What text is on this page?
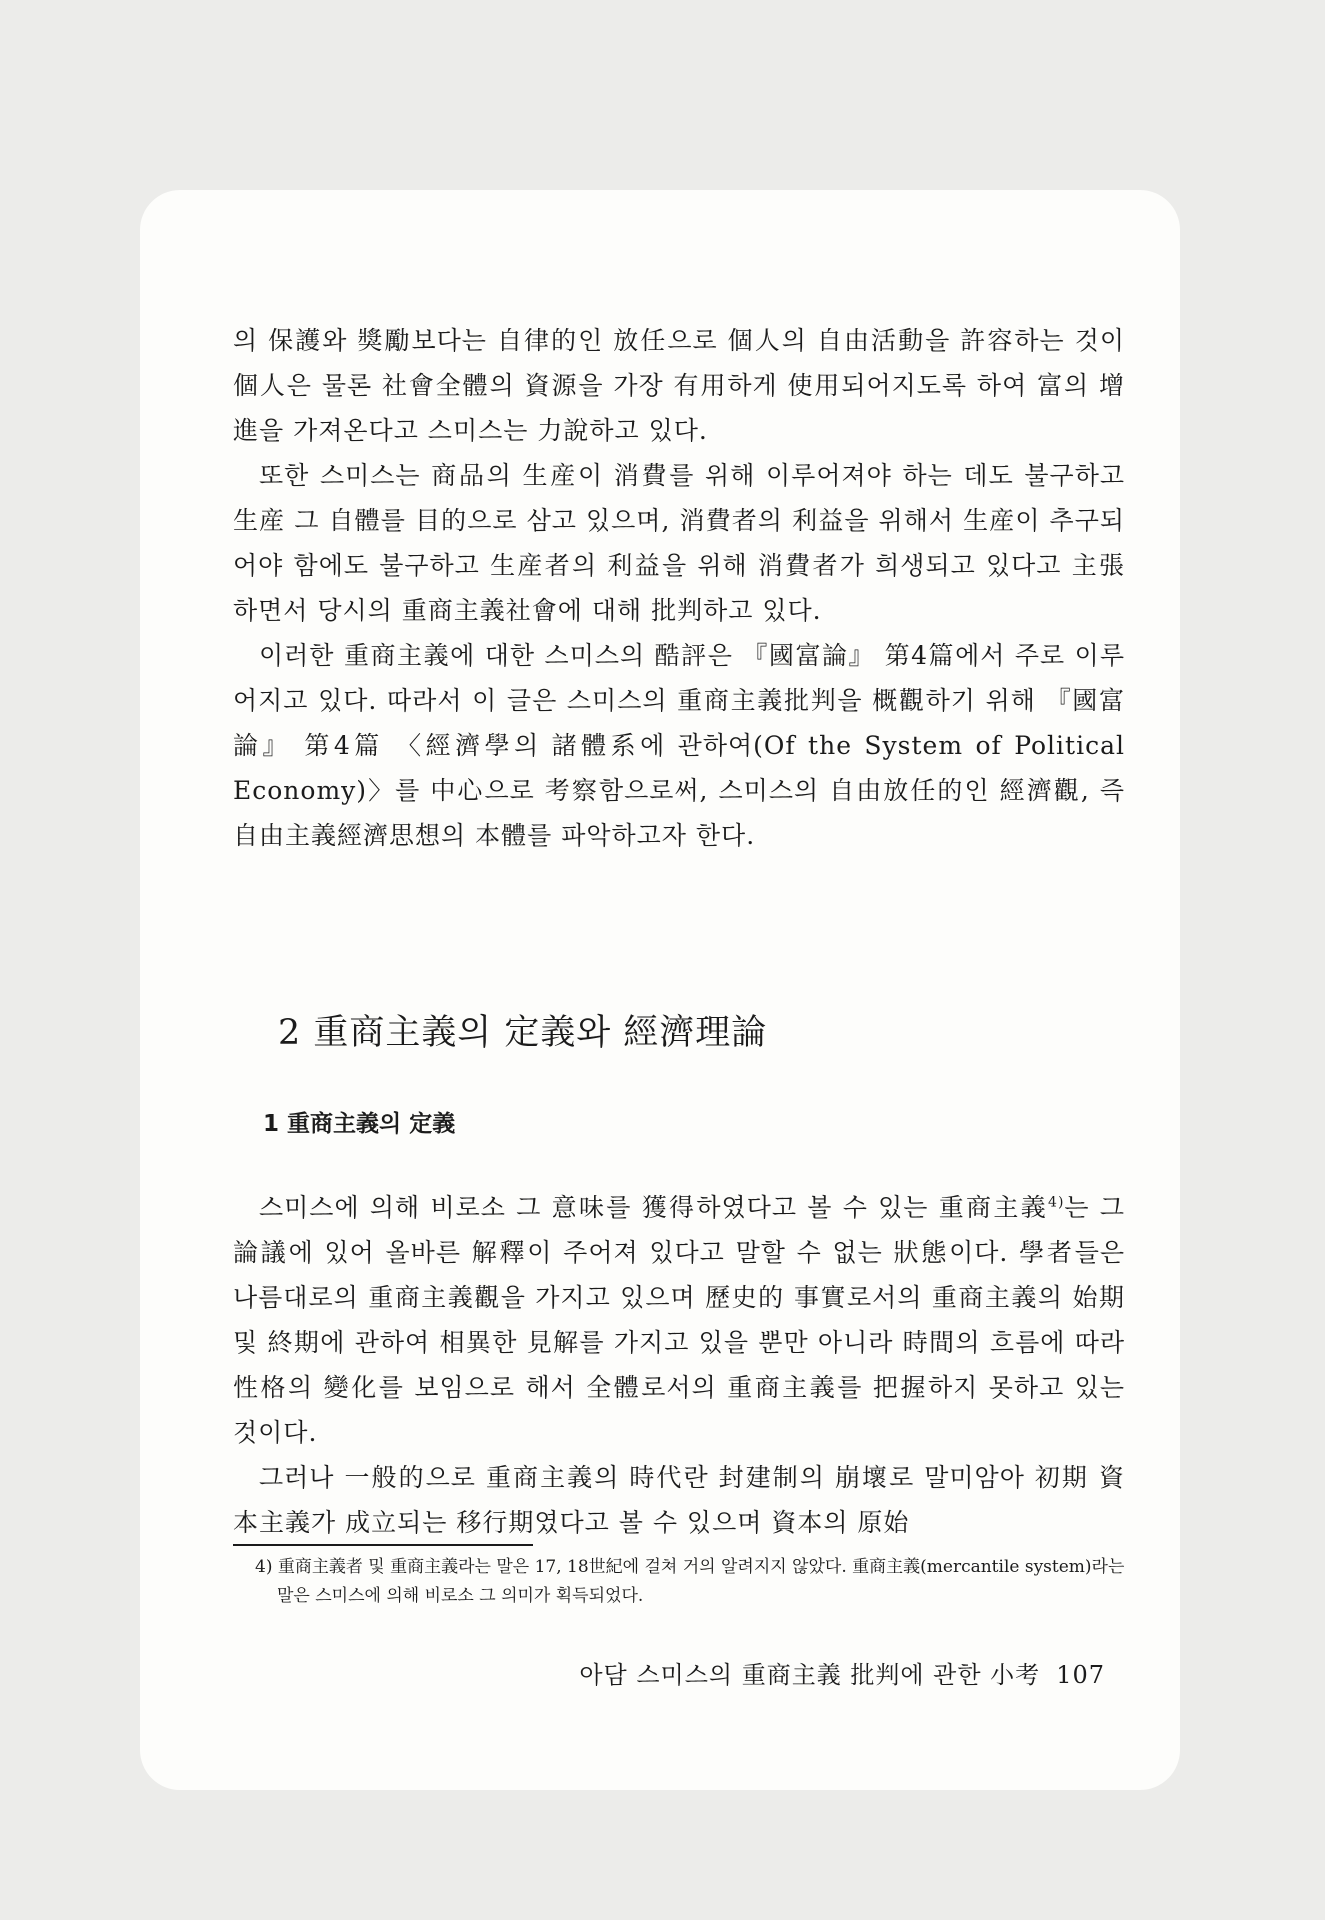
의 保護와 獎勵보다는 自律的인 放任으로 個人의 自由活動을 許容하는 것이 個人은 물론 社會全體의 資源을 가장 有用하게 使用되어지도록 하여 富의 增進을 가져온다고 스미스는 力說하고 있다.

또한 스미스는 商品의 生産이 消費를 위해 이루어져야 하는 데도 불구하고 生産 그 自體를 目的으로 삼고 있으며, 消費者의 利益을 위해서 生産이 추구되어야 함에도 불구하고 生産者의 利益을 위해 消費者가 희생되고 있다고 主張하면서 당시의 重商主義社會에 대해 批判하고 있다.

이러한 重商主義에 대한 스미스의 酷評은 『國富論』 第4篇에서 주로 이루어지고 있다. 따라서 이 글은 스미스의 重商主義批判을 概觀하기 위해 『國富論』 第4篇 〈經濟學의 諸體系에 관하여(Of the System of Political Economy)〉를 中心으로 考察함으로써, 스미스의 自由放任的인 經濟觀, 즉 自由主義經濟思想의 本體를 파악하고자 한다.

2 重商主義의 定義와 經濟理論
1 重商主義의 定義

스미스에 의해 비로소 그 意味를 獲得하였다고 볼 수 있는 重商主義$^{4)}$는 그 論議에 있어 올바른 解釋이 주어져 있다고 말할 수 없는 狀態이다. 學者들은 나름대로의 重商主義觀을 가지고 있으며 歷史的 事實로서의 重商主義의 始期 및 終期에 관하여 相異한 見解를 가지고 있을 뿐만 아니라 時間의 흐름에 따라 性格의 變化를 보임으로 해서 全體로서의 重商主義를 把握하지 못하고 있는 것이다.

그러나 一般的으로 重商主義의 時代란 封建制의 崩壞로 말미암아 初期 資本主義가 成立되는 移行期였다고 볼 수 있으며 資本의 原始

4) 重商主義者 및 重商主義라는 말은 17, 18世紀에 걸쳐 거의 알려지지 않았다. 重商主義(mercantile system)라는 말은 스미스에 의해 비로소 그 의미가 획득되었다.

아담 스미스의 重商主義 批判에 관한 小考 107
